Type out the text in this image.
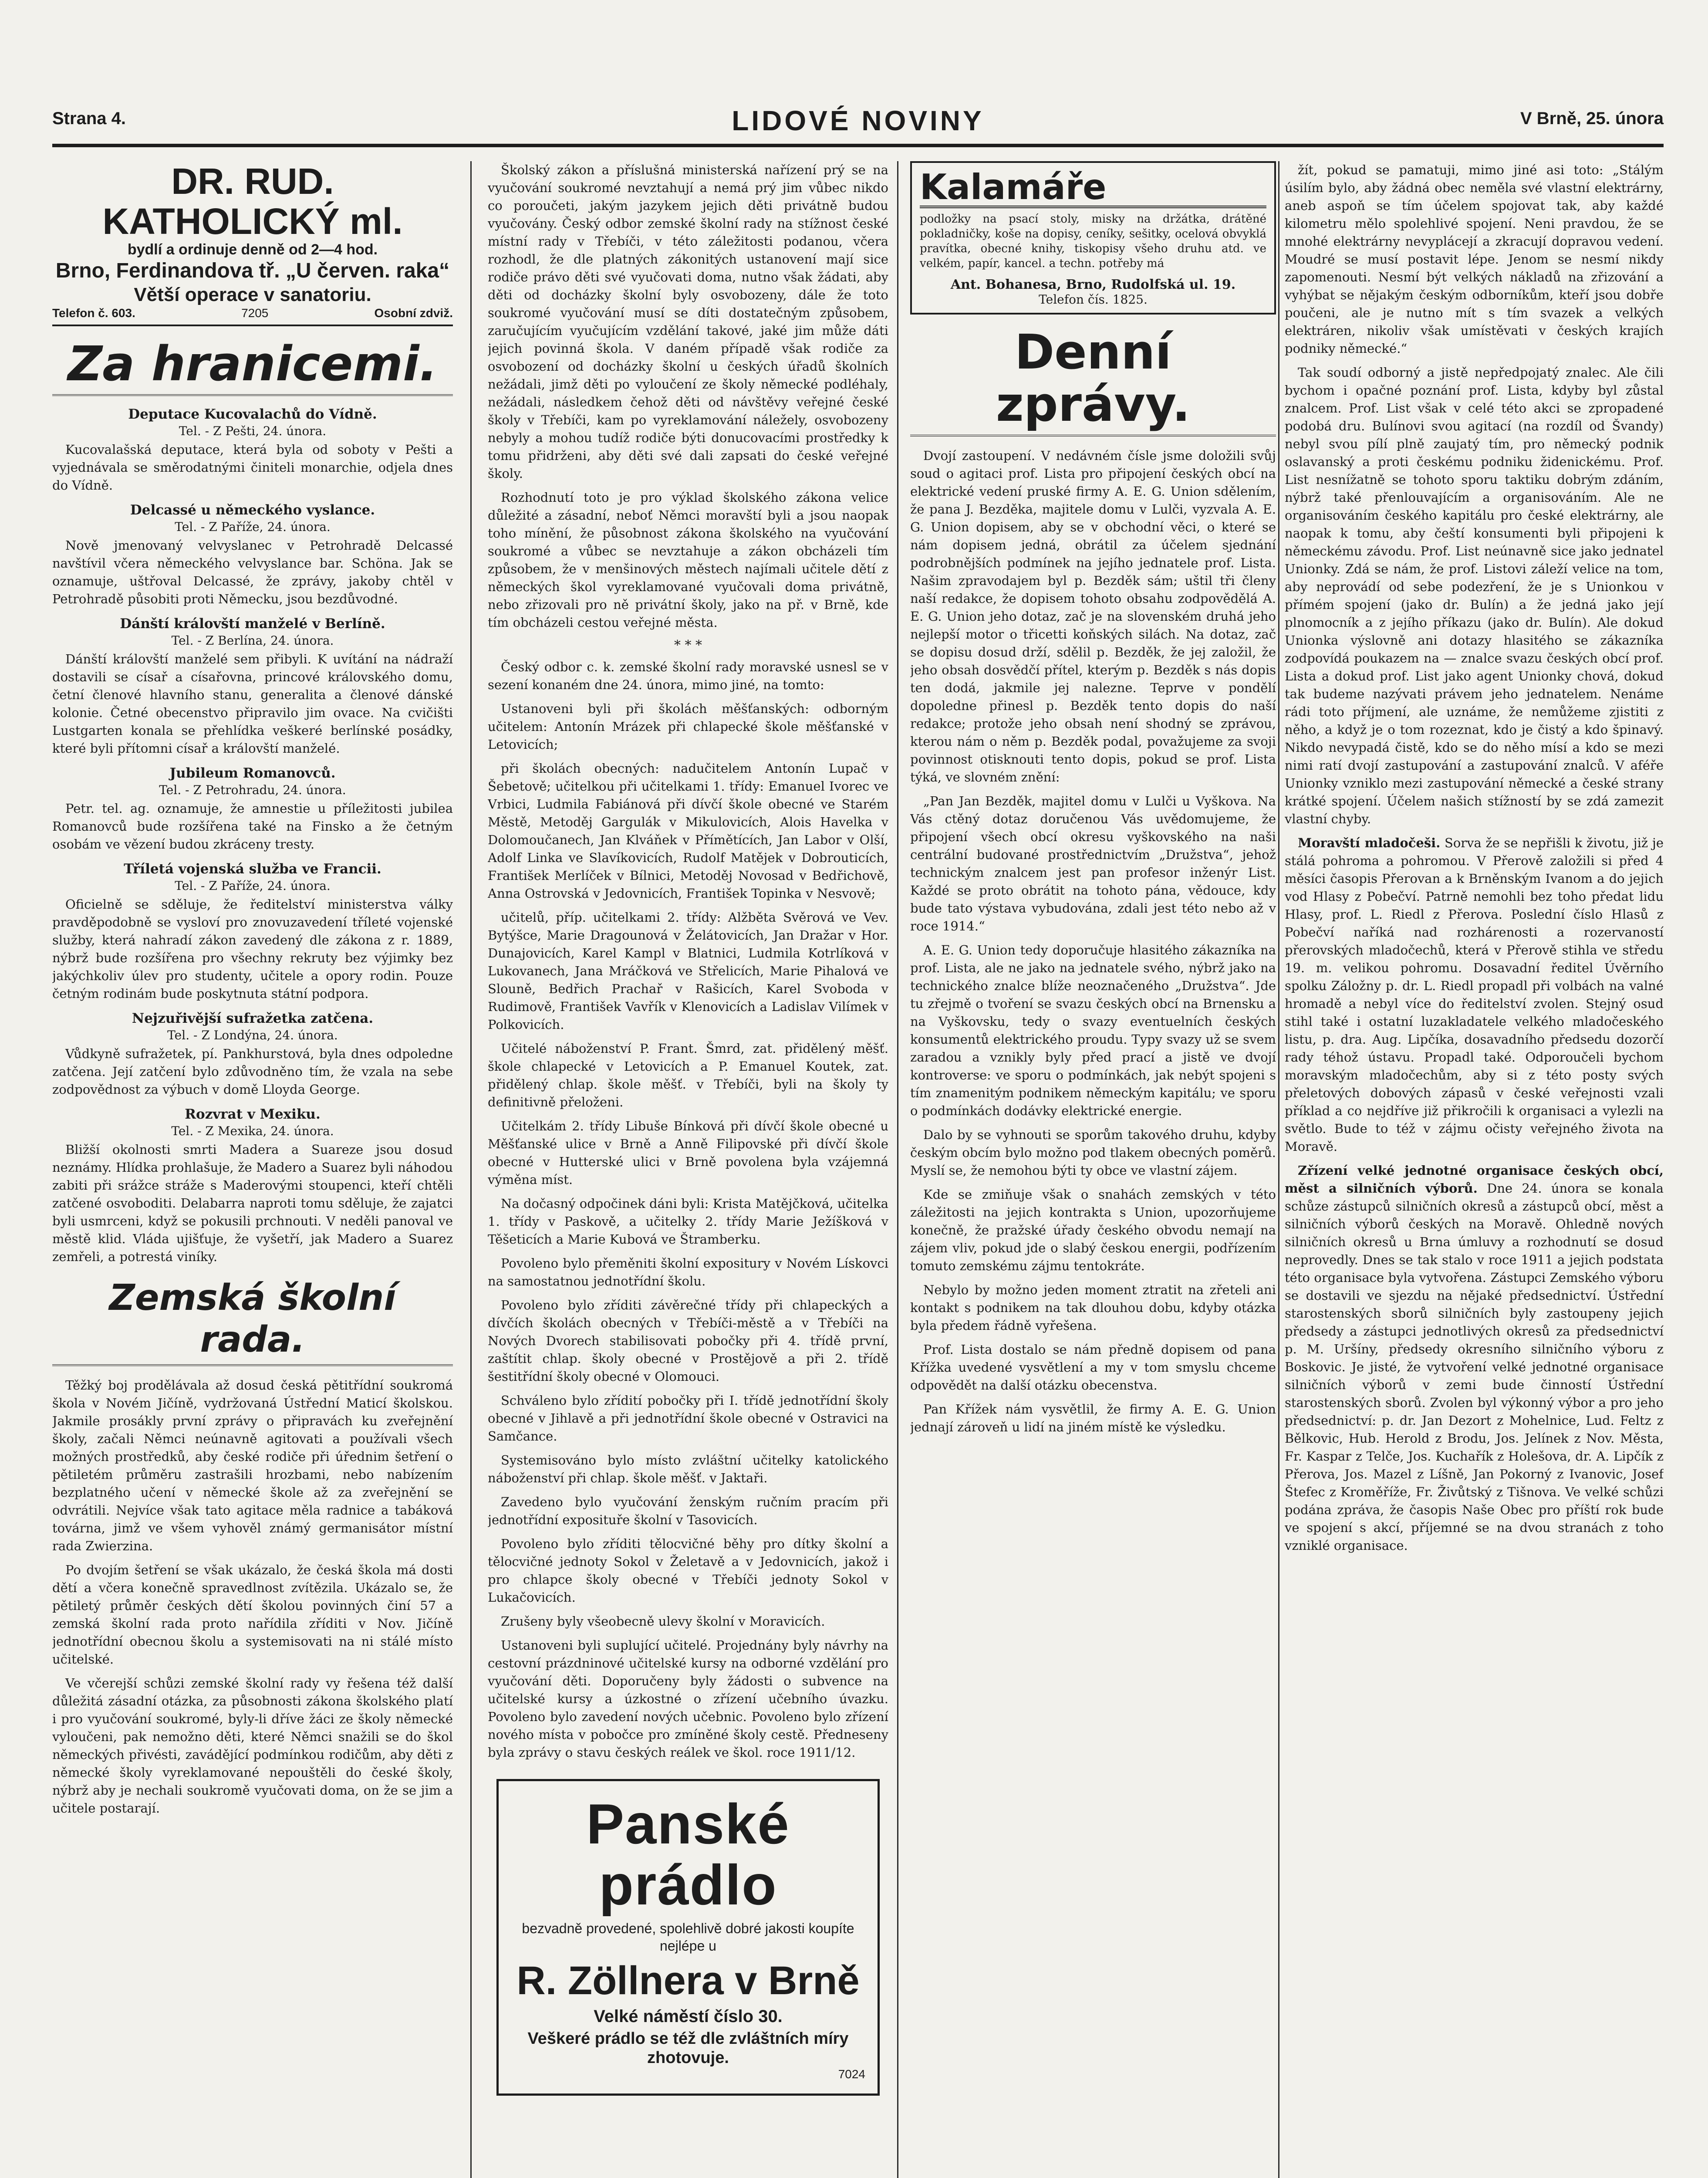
Strana 4.	LIDOVÉ NOVINY	V Brně, 25. února
DR. RUD. KATHOLICKÝ ml.
bydlí a ordinuje denně od 2—4 hod.
Brno, Ferdinandova tř. „U červen. raka“
Větší operace v sanatoriu.
Telefon č. 603.	7205	Osobní zdviž.
Za hranicemi.
Deputace Kucovalachů do Vídně.
Tel. - Z Pešti, 24. února.

Kucovalašská deputace, která byla od soboty v Pešti a vyjednávala se směrodatnými činiteli monarchie, odjela dnes do Vídně.

Delcassé u německého vyslance.
Tel. - Z Paříže, 24. února.

Nově jmenovaný velvyslanec v Petrohradě Delcassé navštívil včera německého velvyslance bar. Schöna. Jak se oznamuje, uštřoval Delcassé, že zprávy, jakoby chtěl v Petrohradě působiti proti Německu, jsou bezdůvodné.

Dánští královští manželé v Berlíně.
Tel. - Z Berlína, 24. února.

Dánští královští manželé sem přibyli. K uvítání na nádraží dostavili se císař a císařovna, princové královského domu, četní členové hlavního stanu, generalita a členové dánské kolonie. Četné obecenstvo připravilo jim ovace. Na cvičišti Lustgarten konala se přehlídka veškeré berlínské posádky, které byli přítomni císař a královští manželé.

Jubileum Romanovců.
Tel. - Z Petrohradu, 24. února.

Petr. tel. ag. oznamuje, že amnestie u příležitosti jubilea Romanovců bude rozšířena také na Finsko a že četným osobám ve vězení budou zkráceny tresty.

Tříletá vojenská služba ve Francii.
Tel. - Z Paříže, 24. února.

Oficielně se sděluje, že ředitelství ministerstva války pravděpodobně se vysloví pro znovuzavedení tříleté vojenské služby, která nahradí zákon zavedený dle zákona z r. 1889, nýbrž bude rozšířena pro všechny rekruty bez výjimky bez jakýchkoliv úlev pro studenty, učitele a opory rodin. Pouze četným rodinám bude poskytnuta státní podpora.

Nejzuřivější sufražetka zatčena.
Tel. - Z Londýna, 24. února.

Vůdkyně sufražetek, pí. Pankhurstová, byla dnes odpoledne zatčena. Její zatčení bylo zdůvodněno tím, že vzala na sebe zodpovědnost za výbuch v domě Lloyda George.

Rozvrat v Mexiku.
Tel. - Z Mexika, 24. února.

Bližší okolnosti smrti Madera a Suareze jsou dosud neznámy. Hlídka prohlašuje, že Madero a Suarez byli náhodou zabiti při srážce stráže s Maderovými stoupenci, kteří chtěli zatčené osvoboditi. Delabarra naproti tomu sděluje, že zajatci byli usmrceni, když se pokusili prchnouti. V neděli panoval ve městě klid. Vláda ujišťuje, že vyšetří, jak Madero a Suarez zemřeli, a potrestá viníky.

Zemská školní rada.

Těžký boj prodělávala až dosud česká pětitřídní soukromá škola v Novém Jičíně, vydržovaná Ústřední Maticí školskou. Jakmile prosákly první zprávy o připravách ku zveřejnění školy, začali Němci neúnavně agitovati a používali všech možných prostředků, aby české rodiče při úřednim šetření o pětiletém průměru zastrašili hrozbami, nebo nabízením bezplatného učení v německé škole až za zveřejnění se odvrátili. Nejvíce však tato agitace měla radnice a tabáková továrna, jimž ve všem vyhověl známý germanisátor místní rada Zwierzina.

Po dvojím šetření se však ukázalo, že česká škola má dosti dětí a včera konečně spravedlnost zvítězila. Ukázalo se, že pětiletý průměr českých dětí školou povinných činí 57 a zemská školní rada proto nařídila zříditi v Nov. Jičíně jednotřídní obecnou školu a systemisovati na ni stálé místo učitelské.

Ve včerejší schůzi zemské školní rady vy řešena též další důležitá zásadní otázka, za působnosti zákona školského platí i pro vyučování soukromé, byly-li dříve žáci ze školy německé vyloučeni, pak nemožno děti, které Němci snažili se do škol německých přivésti, zavádějící podmínkou rodičům, aby děti z německé školy vyreklamované nepouštěli do české školy, nýbrž aby je nechali soukromě vyučovati doma, on že se jim a učitele postarají.

Školský zákon a příslušná ministerská nařízení prý se na vyučování soukromé nevztahují a nemá prý jim vůbec nikdo co poroučeti, jakým jazykem jejich děti privátně budou vyučovány. Český odbor zemské školní rady na stížnost české místní rady v Třebíči, v této záležitosti podanou, včera rozhodl, že dle platných zákonitých ustanovení mají sice rodiče právo děti své vyučovati doma, nutno však žádati, aby děti od docházky školní byly osvobozeny, dále že toto soukromé vyučování musí se díti dostatečným způsobem, zaručujícím vyučujícím vzdělání takové, jaké jim může dáti jejich povinná škola. V daném případě však rodiče za osvobození od docházky školní u českých úřadů školních nežádali, jimž děti po vyloučení ze školy německé podléhaly, nežádali, následkem čehož děti od návštěvy veřejné české školy v Třebíči, kam po vyreklamování náležely, osvobozeny nebyly a mohou tudíž rodiče býti donucovacími prostředky k tomu přidrženi, aby děti své dali zapsati do české veřejné školy.

Rozhodnutí toto je pro výklad školského zákona velice důležité a zásadní, neboť Němci moravští byli a jsou naopak toho mínění, že působnost zákona školského na vyučování soukromé a vůbec se nevztahuje a zákon obcházeli tím způsobem, že v menšinových městech najímali učitele dětí z německých škol vyreklamované vyučovali doma privátně, nebo zřizovali pro ně privátní školy, jako na př. v Brně, kde tím obcházeli cestou veřejné města.

* * *

Český odbor c. k. zemské školní rady moravské usnesl se v sezení konaném dne 24. února, mimo jiné, na tomto:

Ustanoveni byli při školách měšťanských: odborným učitelem: Antonín Mrázek při chlapecké škole měšťanské v Letovicích;

při školách obecných: nadučitelem Antonín Lupač v Šebetově; učitelkou při učitelkami 1. třídy: Emanuel Ivorec ve Vrbici, Ludmila Fabiánová při dívčí škole obecné ve Starém Městě, Metoděj Gargulák v Mikulovicích, Alois Havelka v Dolomoučanech, Jan Klváňek v Přímětících, Jan Labor v Olší, Adolf Linka ve Slavíkovicích, Rudolf Matějek v Dobrouticích, František Merlíček v Bílnici, Metoděj Novosad v Bedřichově, Anna Ostrovská v Jedovnicích, František Topinka v Nesvově;

učitelů, příp. učitelkami 2. třídy: Alžběta Svěrová ve Vev. Bytýšce, Marie Dragounová v Želátovicích, Jan Dražar v Hor. Dunajovicích, Karel Kampl v Blatnici, Ludmila Kotrlíková v Lukovanech, Jana Mráčková ve Střelicích, Marie Pihalová ve Slouně, Bedřich Prachař v Rašicích, Karel Svoboda v Rudimově, František Vavřík v Klenovicích a Ladislav Vilímek v Polkovicích.

Učitelé náboženství P. Frant. Šmrd, zat. přidělený měšť. škole chlapecké v Letovicích a P. Emanuel Koutek, zat. přidělený chlap. škole měšť. v Třebíči, byli na školy ty definitivně přeloženi.

Učitelkám 2. třídy Libuše Bínková při dívčí škole obecné u Měšťanské ulice v Brně a Anně Filipovské při dívčí škole obecné v Hutterské ulici v Brně povolena byla vzájemná výměna míst.

Na dočasný odpočinek dáni byli: Krista Matějčková, učitelka 1. třídy v Paskově, a učitelky 2. třídy Marie Ježíšková v Těšeticích a Marie Kubová ve Štramberku.

Povoleno bylo přeměniti školní expositury v Novém Lískovci na samostatnou jednotřídní školu.

Povoleno bylo zříditi závěrečné třídy při chlapeckých a dívčích školách obecných v Třebíči-městě a v Třebíči na Nových Dvorech stabilisovati pobočky při 4. třídě první, zaštítit chlap. školy obecné v Prostějově a při 2. třídě šestitřídní školy obecné v Olomouci.

Schváleno bylo zřídití pobočky při I. třídě jednotřídní školy obecné v Jihlavě a při jednotřídní škole obecné v Ostravici na Samčance.

Systemisováno bylo místo zvláštní učitelky katolického náboženství při chlap. škole měšť. v Jaktaři.

Zavedeno bylo vyučování ženským ručním pracím při jednotřídní exposituře školní v Tasovicích.

Povoleno bylo zříditi tělocvičné běhy pro dítky školní a tělocvičné jednoty Sokol v Želetavě a v Jedovnicích, jakož i pro chlapce školy obecné v Třebíči jednoty Sokol v Lukačovicích.

Zrušeny byly všeobecně ulevy školní v Moravicích.

Ustanoveni byli suplující učitelé. Projednány byly návrhy na cestovní prázdninové učitelské kursy na odborné vzdělání pro vyučování děti. Doporučeny byly žádosti o subvence na učitelské kursy a úzkostné o zřízení učebního úvazku. Povoleno bylo zavedení nových učebnic. Povoleno bylo zřízení nového místa v pobočce pro zmíněné školy cestě. Předneseny byla zprávy o stavu českých reálek ve škol. roce 1911/12.

Panské prádlo
bezvadně provedené, spolehlivě dobré jakosti koupíte nejlépe u
R. Zöllnera v Brně
Velké náměstí číslo 30.
Veškeré prádlo se též dle zvláštních míry zhotovuje.
7024
Kalamáře

podložky na psací stoly, misky na držátka, drátěné pokladničky, koše na dopisy, ceníky, sešitky, ocelová obvyklá pravítka, obecné knihy, tiskopisy všeho druhu atd. ve velkém, papír, kancel. a techn. potřeby má

Ant. Bohanesa, Brno, Rudolfská ul. 19.
Telefon čís. 1825.
Denní zprávy.

Dvojí zastoupení. V nedávném čísle jsme doložili svůj soud o agitaci prof. Lista pro připojení českých obcí na elektrické vedení pruské firmy A. E. G. Union sdělením, že pana J. Bezděka, majitele domu v Lulči, vyzvala A. E. G. Union dopisem, aby se v obchodní věci, o které se nám dopisem jedná, obrátil za účelem sjednání podrobnějších podmínek na jejího jednatele prof. Lista. Našim zpravodajem byl p. Bezděk sám; uštil tři členy naší redakce, že dopisem tohoto obsahu zodpovědělá A. E. G. Union jeho dotaz, zač je na slovenském druhá jeho nejlepší motor o třicetti koňských silách. Na dotaz, zač se dopisu dosud drží, sdělil p. Bezděk, že jej založil, že jeho obsah dosvědčí přítel, kterým p. Bezděk s nás dopis ten dodá, jakmile jej nalezne. Teprve v pondělí dopoledne přinesl p. Bezděk tento dopis do naší redakce; protože jeho obsah není shodný se zprávou, kterou nám o něm p. Bezděk podal, považujeme za svoji povinnost otisknouti tento dopis, pokud se prof. Lista týká, ve slovném znění:

„Pan Jan Bezděk, majitel domu v Lulči u Vyškova. Na Vás ctěný dotaz doručenou Vás uvědomujeme, že připojení všech obcí okresu vyškovského na naši centrální budované prostřednictvím „Družstva“, jehož technickým znalcem jest pan profesor inženýr List. Každé se proto obrátit na tohoto pána, vědouce, kdy bude tato výstava vybudována, zdali jest této nebo až v roce 1914.“

A. E. G. Union tedy doporučuje hlasitého zákazníka na prof. Lista, ale ne jako na jednatele svého, nýbrž jako na technického znalce blíže neoznačeného „Družstva“. Jde tu zřejmě o tvoření se svazu českých obcí na Brnensku a na Vyškovsku, tedy o svazy eventuelních českých konsumentů elektrického proudu. Typy svazy už se svem zaradou a vznikly byly před prací a jistě ve dvojí kontroverse: ve sporu o podmínkách, jak nebýt spojeni s tím znamenitým podnikem německým kapitálu; ve sporu o podmínkách dodávky elektrické energie.

Dalo by se vyhnouti se sporům takového druhu, kdyby českým obcím bylo možno pod tlakem obecných poměrů. Myslí se, že nemohou býti ty obce ve vlastní zájem.

Kde se zmiňuje však o snahách zemských v této záležitosti na jejich kontrakta s Union, upozorňujeme konečně, že pražské úřady českého obvodu nemají na zájem vliv, pokud jde o slabý českou energii, podřízením tomuto zemskému zájmu tentokráte.

Nebylo by možno jeden moment ztratit na zřeteli ani kontakt s podnikem na tak dlouhou dobu, kdyby otázka byla předem řádně vyřešena.

Prof. Lista dostalo se nám předně dopisem od pana Křížka uvedené vysvětlení a my v tom smyslu chceme odpovědět na další otázku obecenstva.

Pan Křížek nám vysvětlil, že firmy A. E. G. Union jednají zároveň u lidí na jiném místě ke výsledku.

žít, pokud se pamatuji, mimo jiné asi toto: „Stálým úsilím bylo, aby žádná obec neměla své vlastní elektrárny, aneb aspoň se tím účelem spojovat tak, aby každé kilometru mělo spolehlivé spojení. Neni pravdou, že se mnohé elektrárny nevyplácejí a zkracují dopravou vedení. Moudré se musí postavit lépe. Jenom se nesmí nikdy zapomenouti. Nesmí být velkých nákladů na zřizování a vyhýbat se nějakým českým odborníkům, kteří jsou dobře poučeni, ale je nutno mít s tím svazek a velkých elektráren, nikoliv však umístěvati v českých krajích podniky německé.“

Tak soudí odborný a jistě nepředpojatý znalec. Ale čili bychom i opačné poznání prof. Lista, kdyby byl zůstal znalcem. Prof. List však v celé této akci se zpropadené podobá dru. Bulínovi svou agitací (na rozdíl od Švandy) nebyl svou pílí plně zaujatý tím, pro německý podnik oslavanský a proti českému podniku židenickému. Prof. List nesnížatně se tohoto sporu taktiku dobrým zdáním, nýbrž také přenlouvajícím a organisováním. Ale ne organisováním českého kapitálu pro české elektrárny, ale naopak k tomu, aby čeští konsumenti byli připojeni k německému závodu. Prof. List neúnavně sice jako jednatel Unionky. Zdá se nám, že prof. Listovi záleží velice na tom, aby neprovádí od sebe podezření, že je s Unionkou v přímém spojení (jako dr. Bulín) a že jedná jako její plnomocník a z jejího příkazu (jako dr. Bulín). Ale dokud Unionka výslovně ani dotazy hlasitého se zákazníka zodpovídá poukazem na — znalce svazu českých obcí prof. Lista a dokud prof. List jako agent Unionky chová, dokud tak budeme nazývati právem jeho jednatelem. Nenáme rádi toto příjmení, ale uznáme, že nemůžeme zjistiti z něho, a když je o tom rozeznat, kdo je čistý a kdo špinavý. Nikdo nevypadá čistě, kdo se do něho mísí a kdo se mezi nimi ratí dvojí zastupování a zastupování znalců. V aféře Unionky vzniklo mezi zastupování německé a české strany krátké spojení. Účelem našich stížností by se zdá zamezit vlastní chyby.

Moravští mladočeši. Sorva že se nepřišli k životu, již je stálá pohroma a pohromou. V Přerově založili si před 4 měsíci časopis Přerovan a k Brněnským Ivanom a do jejich vod Hlasy z Pobečví. Patrně nemohli bez toho předat lidu Hlasy, prof. L. Riedl z Přerova. Poslední číslo Hlasů z Pobečví naříká nad rozhárenosti a rozervaností přerovských mladočechů, která v Přerově stihla ve středu 19. m. velikou pohromu. Dosavadní ředitel Úvěrního spolku Záložny p. dr. L. Riedl propadl při volbách na valné hromadě a nebyl více do ředitelství zvolen. Stejný osud stihl také i ostatní luzakladatele velkého mladočeského listu, p. dra. Aug. Lipčíka, dosavadního předsedu dozorčí rady téhož ústavu. Propadl také. Odporoučeli bychom moravským mladočechům, aby si z této posty svých přeletových dobových zápasů v české veřejnosti vzali příklad a co nejdříve již přikročili k organisaci a vylezli na světlo. Bude to též v zájmu očisty veřejného života na Moravě.

Zřízení velké jednotné organisace českých obcí, měst a silničních výborů. Dne 24. února se konala schůze zástupců silničních okresů a zástupců obcí, měst a silničních výborů českých na Moravě. Ohledně nových silničních okresů u Brna úmluvy a rozhodnutí se dosud neprovedly. Dnes se tak stalo v roce 1911 a jejich podstata této organisace byla vytvořena. Zástupci Zemského výboru se dostavili ve sjezdu na nějaké předsednictví. Ústřední starostenských sborů silničních byly zastoupeny jejich předsedy a zástupci jednotlivých okresů za předsednictví p. M. Uršíny, předsedy okresního silničního výboru z Boskovic. Je jisté, že vytvoření velké jednotné organisace silničních výborů v zemi bude činností Ústřední starostenských sborů. Zvolen byl výkonný výbor a pro jeho předsednictví: p. dr. Jan Dezort z Mohelnice, Lud. Feltz z Bělkovic, Hub. Herold z Brodu, Jos. Jelínek z Nov. Města, Fr. Kaspar z Telče, Jos. Kuchařík z Holešova, dr. A. Lipčík z Přerova, Jos. Mazel z Líšně, Jan Pokorný z Ivanovic, Josef Štefec z Kroměříže, Fr. Živůtský z Tišnova. Ve velké schůzi podána zpráva, že časopis Naše Obec pro příští rok bude ve spojení s akcí, příjemné se na dvou stranách z toho vzniklé organisace.
